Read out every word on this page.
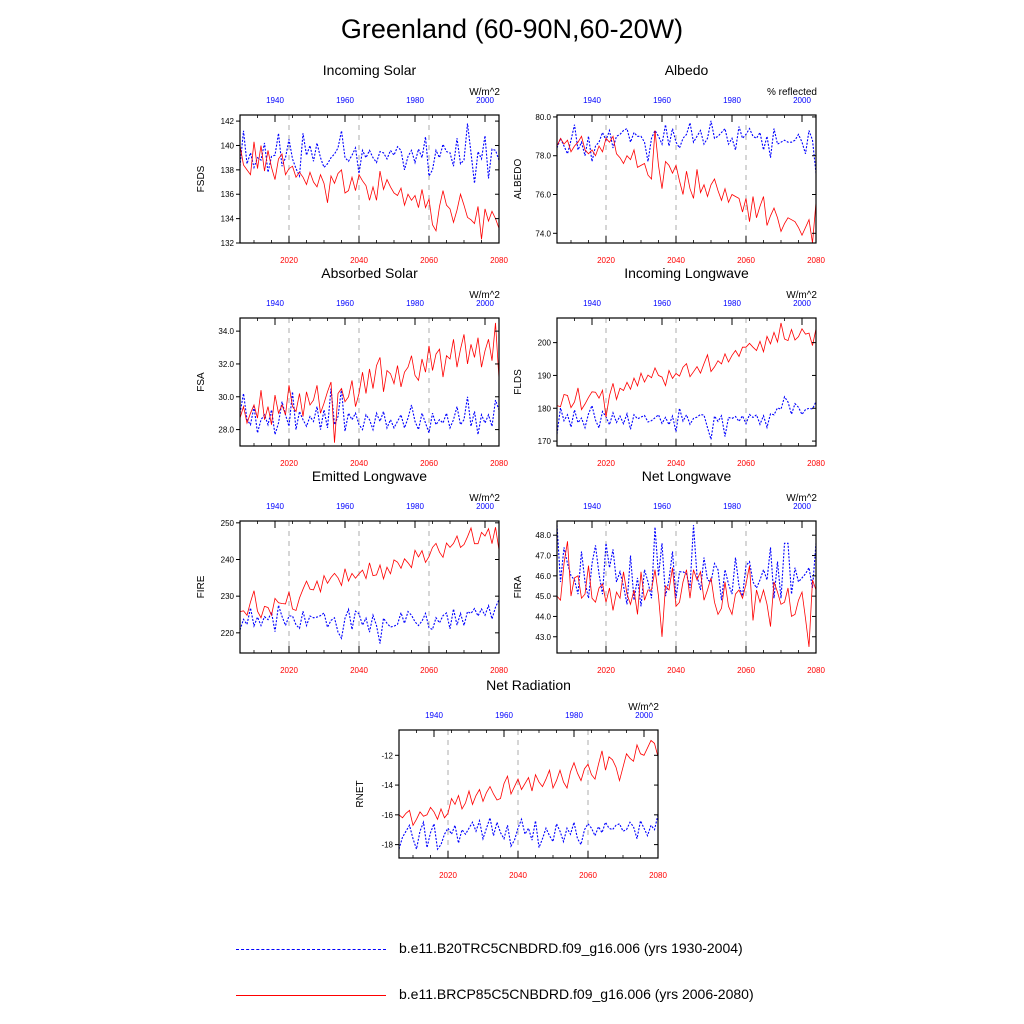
Greenland (60-90N,60-20W)
2020	2040	2060	2080
1940	1960	1980	2000
132
134
136
138
140
142
Incoming Solar
W/m^2
FSDS
2020	2040	2060	2080
1940	1960	1980	2000
74.0
76.0
78.0
80.0
Albedo
% reflected
ALBEDO
2020	2040	2060	2080
1940	1960	1980	2000
28.0
30.0
32.0
34.0
Absorbed Solar
W/m^2
FSA
2020	2040	2060	2080
1940	1960	1980	2000
170
180
190
200
Incoming Longwave
W/m^2
FLDS
2020	2040	2060	2080
1940	1960	1980	2000
220
230
240
250
Emitted Longwave
W/m^2
FIRE
2020	2040	2060	2080
1940	1960	1980	2000
43.0
44.0
45.0
46.0
47.0
48.0
Net Longwave
W/m^2
FIRA
2020	2040	2060	2080
1940	1960	1980	2000
-18
-16
-14
-12
Net Radiation
W/m^2
RNET
b.e11.B20TRC5CNBDRD.f09_g16.006 (yrs 1930-2004)
b.e11.BRCP85C5CNBDRD.f09_g16.006 (yrs 2006-2080)
